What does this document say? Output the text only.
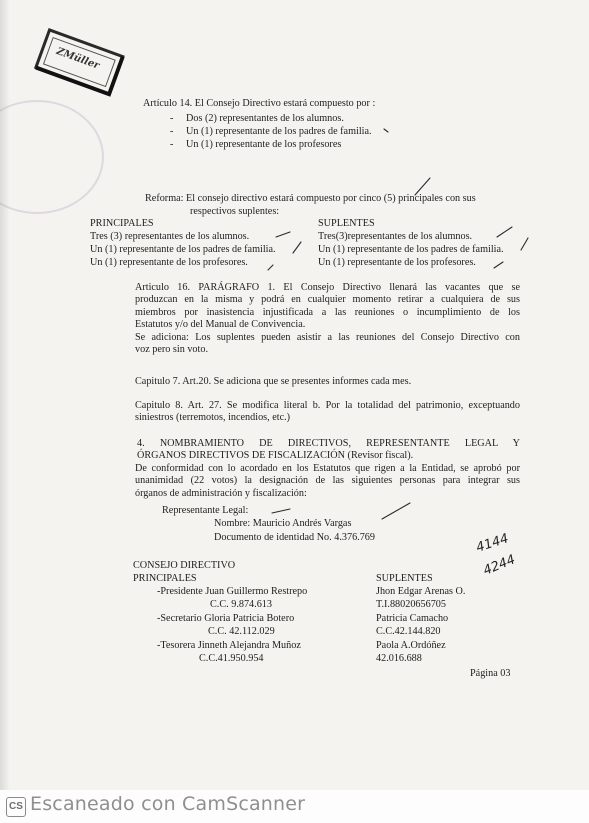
ZMüller
Artículo 14. El Consejo Directivo estará compuesto por :
- Dos (2) representantes de los alumnos.
- Un (1) representante de los padres de familia.
- Un (1) representante de los profesores
Reforma: El consejo directivo estará compuesto por cinco (5) principales con sus
respectivos suplentes:
PRINCIPALES
Tres (3) representantes de los alumnos.
Un (1) representante de los padres de familia.
Un (1) representante de los profesores.
SUPLENTES
Tres(3)representantes de los alumnos.
Un (1) representante de los padres de familia.
Un (1) representante de los profesores.
Articulo 16. PARÁGRAFO 1. El Consejo Directivo llenará las vacantes que se
produzcan en la misma y podrá en cualquier momento retirar a cualquiera de sus
miembros por inasistencia injustificada a las reuniones o incumplimiento de los
Estatutos y/o del Manual de Convivencia.
Se adiciona: Los suplentes pueden asistir a las reuniones del Consejo Directivo con
voz pero sin voto.
Capitulo 7. Art.20. Se adiciona que se presentes informes cada mes.
Capitulo 8. Art. 27. Se modifica literal b. Por la totalidad del patrimonio, exceptuando
siniestros (terremotos, incendios, etc.)
4. NOMBRAMIENTO DE DIRECTIVOS, REPRESENTANTE LEGAL Y
ÓRGANOS DIRECTIVOS DE FISCALIZACIÓN (Revisor fiscal).
De conformidad con lo acordado en los Estatutos que rigen a la Entidad, se aprobó por
unanimidad (22 votos) la designación de las siguientes personas para integrar sus
órganos de administración y fiscalización:
Representante Legal:
Nombre: Mauricio Andrés Vargas
Documento de identidad No. 4.376.769
CONSEJO DIRECTIVO
PRINCIPALES
-Presidente Juan Guillermo Restrepo
C.C. 9.874.613
-Secretario Gloria Patricia Botero
C.C. 42.112.029
-Tesorera Jinneth Alejandra Muñoz
C.C.41.950.954
SUPLENTES
Jhon Edgar Arenas O.
T.I.88020656705
Patricia Camacho
C.C.42.144.820
Paola A.Ordóñez
42.016.688
Página 03
4144
4244
CS Escaneado con CamScanner
